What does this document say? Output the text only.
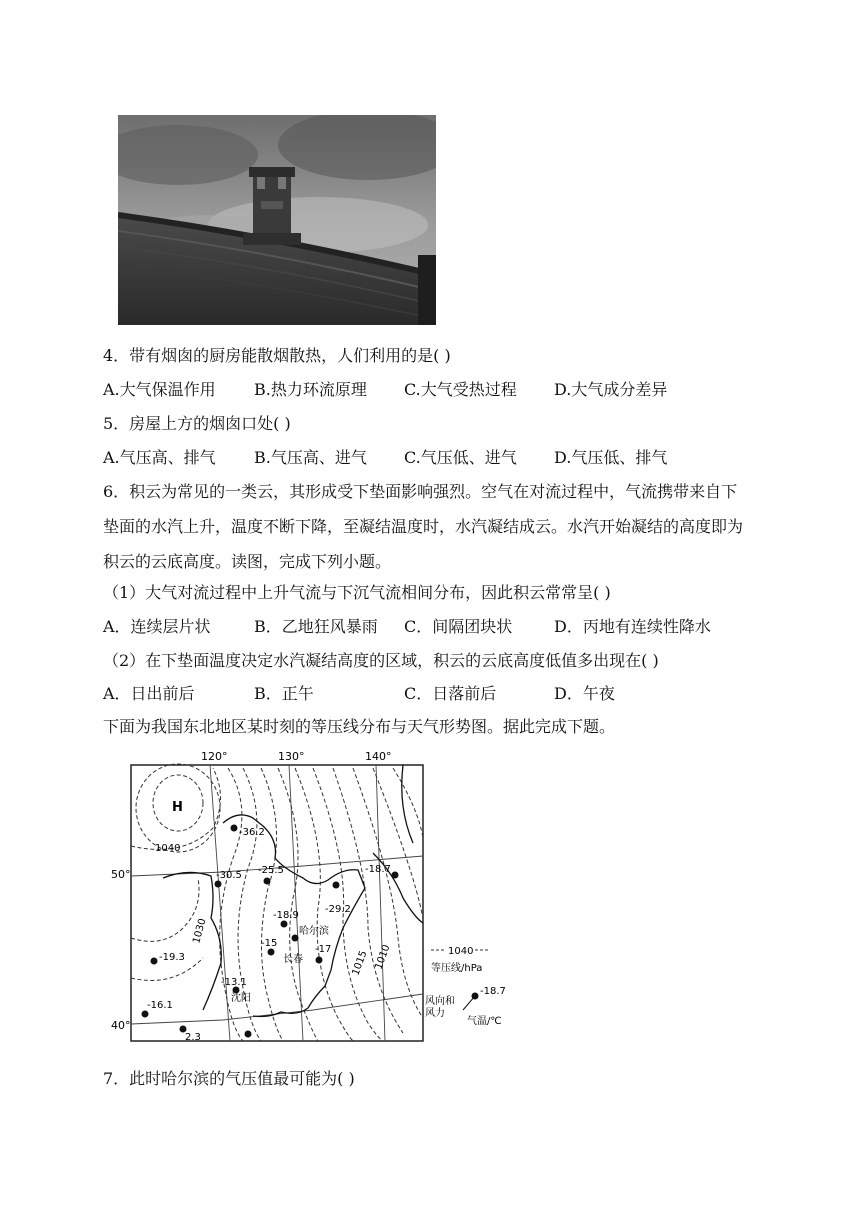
4．带有烟囱的厨房能散烟散热，人们利用的是( )
A.大气保温作用 B.热力环流原理 C.大气受热过程 D.大气成分差异
5．房屋上方的烟囱口处( )
A.气压高、排气 B.气压高、进气 C.气压低、进气 D.气压低、排气
6．积云为常见的一类云，其形成受下垫面影响强烈。空气在对流过程中，气流携带来自下垫面的水汽上升，温度不断下降，至凝结温度时，水汽凝结成云。水汽开始凝结的高度即为积云的云底高度。读图，完成下列小题。
（1）大气对流过程中上升气流与下沉气流相间分布，因此积云常常呈( )
A．连续层片状	B．乙地狂风暴雨 C．间隔团块状	D．丙地有连续性降水
（2）在下垫面温度决定水汽凝结高度的区域，积云的云底高度低值多出现在( )
A．日出前后	B．正午	C．日落前后	D．午夜
下面为我国东北地区某时刻的等压线分布与天气形势图。据此完成下题。
120°	130°	140°
50°
40°
H
1040
1030
1015 1010
-36.2
-30.5 -25.5
-29.2
-18.7
-18.9
哈尔滨
-15
长春
-17
-19.3
-13.1
沈阳
-16.1
2.3
1040
等压线/hPa
-18.7
风向和 风力
气温/℃
7．此时哈尔滨的气压值最可能为( )
